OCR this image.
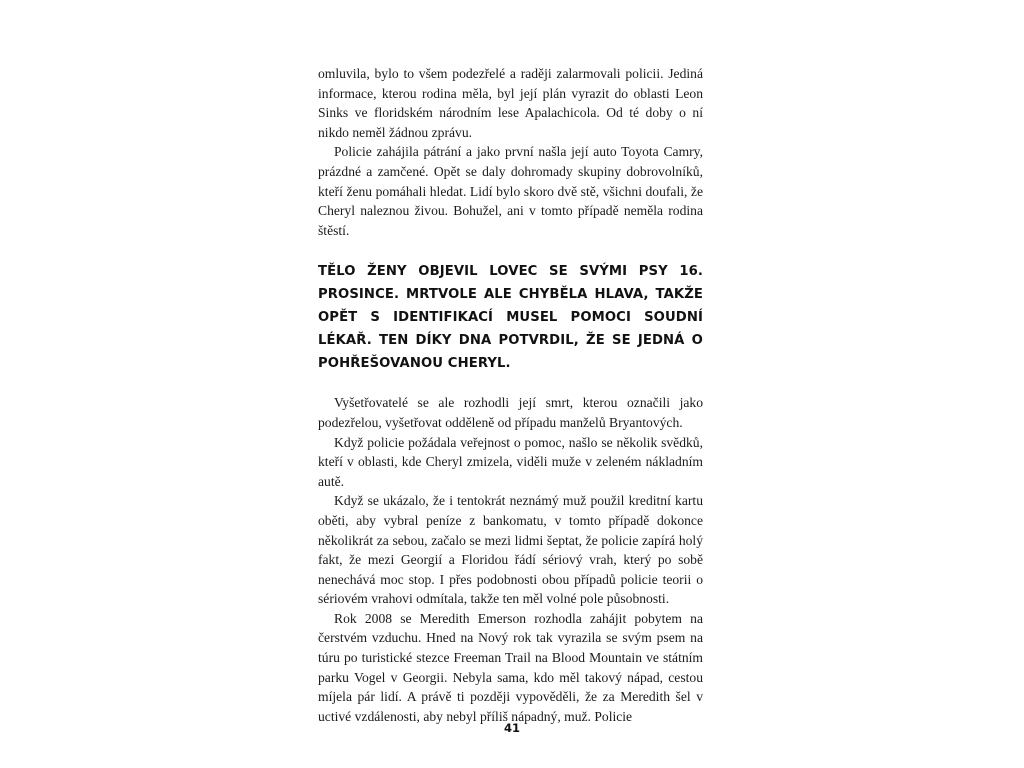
omluvila, bylo to všem podezřelé a raději zalarmovali policii. Jediná informace, kterou rodina měla, byl její plán vyrazit do oblasti Leon Sinks ve floridském národním lese Apalachicola. Od té doby o ní nikdo neměl žádnou zprávu.

Policie zahájila pátrání a jako první našla její auto Toyota Camry, prázdné a zamčené. Opět se daly dohromady skupiny dobrovolníků, kteří ženu pomáhali hledat. Lidí bylo skoro dvě stě, všichni doufali, že Cheryl naleznou živou. Bohužel, ani v tomto případě neměla rodina štěstí.

TĚLO ŽENY OBJEVIL LOVEC SE SVÝMI PSY 16. PROSINCE. MRTVOLE ALE CHYBĚLA HLAVA, TAKŽE OPĚT S IDENTIFIKACÍ MUSEL POMOCI SOUDNÍ LÉKAŘ. TEN DÍKY DNA POTVRDIL, ŽE SE JEDNÁ O POHŘEŠOVANOU CHERYL.

Vyšetřovatelé se ale rozhodli její smrt, kterou označili jako podezřelou, vyšetřovat odděleně od případu manželů Bryantových.

Když policie požádala veřejnost o pomoc, našlo se několik svědků, kteří v oblasti, kde Cheryl zmizela, viděli muže v zeleném nákladním autě.

Když se ukázalo, že i tentokrát neznámý muž použil kreditní kartu oběti, aby vybral peníze z bankomatu, v tomto případě dokonce několikrát za sebou, začalo se mezi lidmi šeptat, že policie zapírá holý fakt, že mezi Georgií a Floridou řádí sériový vrah, který po sobě nenechává moc stop. I přes podobnosti obou případů policie teorii o sériovém vrahovi odmítala, takže ten měl volné pole působnosti.

Rok 2008 se Meredith Emerson rozhodla zahájit pobytem na čerstvém vzduchu. Hned na Nový rok tak vyrazila se svým psem na túru po turistické stezce Freeman Trail na Blood Mountain ve státním parku Vogel v Georgii. Nebyla sama, kdo měl takový nápad, cestou míjela pár lidí. A právě ti později vypověděli, že za Meredith šel v uctivé vzdálenosti, aby nebyl příliš nápadný, muž. Policie

41
